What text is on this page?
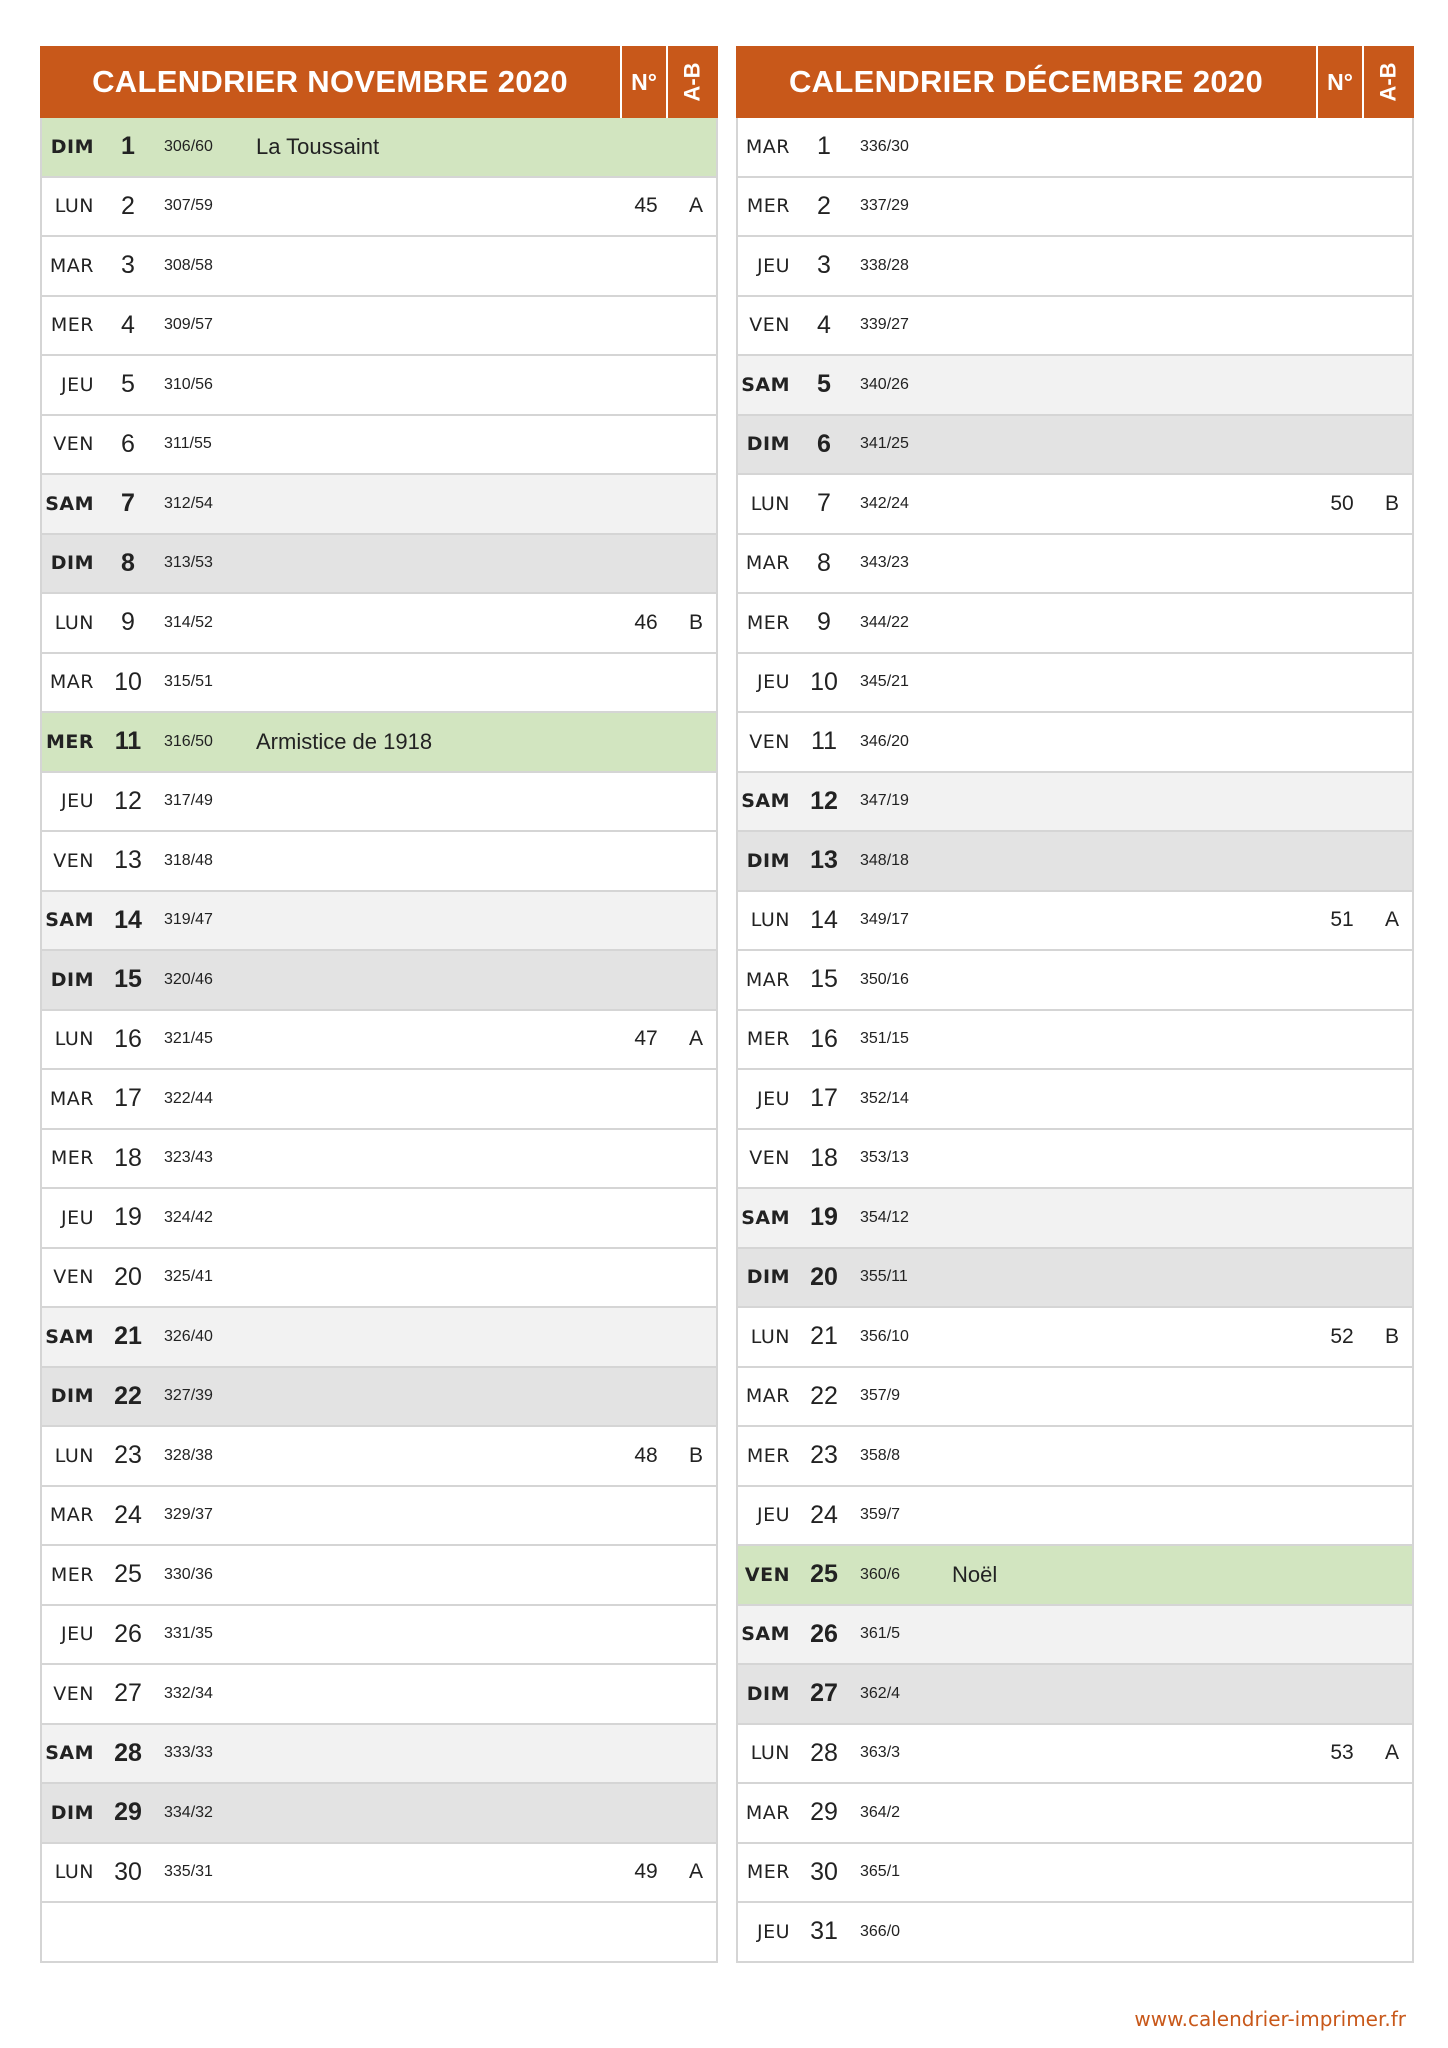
CALENDRIER NOVEMBRE 2020	N°	A-B
DIM	1	306/60	La Toussaint
LUN	2	307/59	45	A
MAR	3	308/58
MER	4	309/57
JEU	5	310/56
VEN	6	311/55
SAM	7	312/54
DIM	8	313/53
LUN	9	314/52	46	B
MAR 10	315/51
MER 11	316/50	Armistice de 1918
JEU 12	317/49
VEN 13	318/48
SAM 14	319/47
DIM 15	320/46
LUN 16	321/45	47	A
MAR 17	322/44
MER 18	323/43
JEU 19	324/42
VEN 20	325/41
SAM 21	326/40
DIM 22	327/39
LUN 23	328/38	48	B
MAR 24	329/37
MER 25	330/36
JEU 26	331/35
VEN 27	332/34
SAM 28	333/33
DIM 29	334/32
LUN 30	335/31	49	A
CALENDRIER DÉCEMBRE 2020	N°	A-B
MAR	1	336/30
MER	2	337/29
JEU	3	338/28
VEN	4	339/27
SAM	5	340/26
DIM	6	341/25
LUN	7	342/24	50	B
MAR	8	343/23
MER	9	344/22
JEU 10	345/21
VEN 11	346/20
SAM 12	347/19
DIM 13	348/18
LUN 14	349/17	51	A
MAR 15	350/16
MER 16	351/15
JEU 17	352/14
VEN 18	353/13
SAM 19	354/12
DIM 20	355/11
LUN 21	356/10	52	B
MAR 22	357/9
MER 23	358/8
JEU 24	359/7
VEN 25	360/6	Noël
SAM 26	361/5
DIM 27	362/4
LUN 28	363/3	53	A
MAR 29	364/2
MER 30	365/1
JEU 31	366/0
www.calendrier-imprimer.fr
